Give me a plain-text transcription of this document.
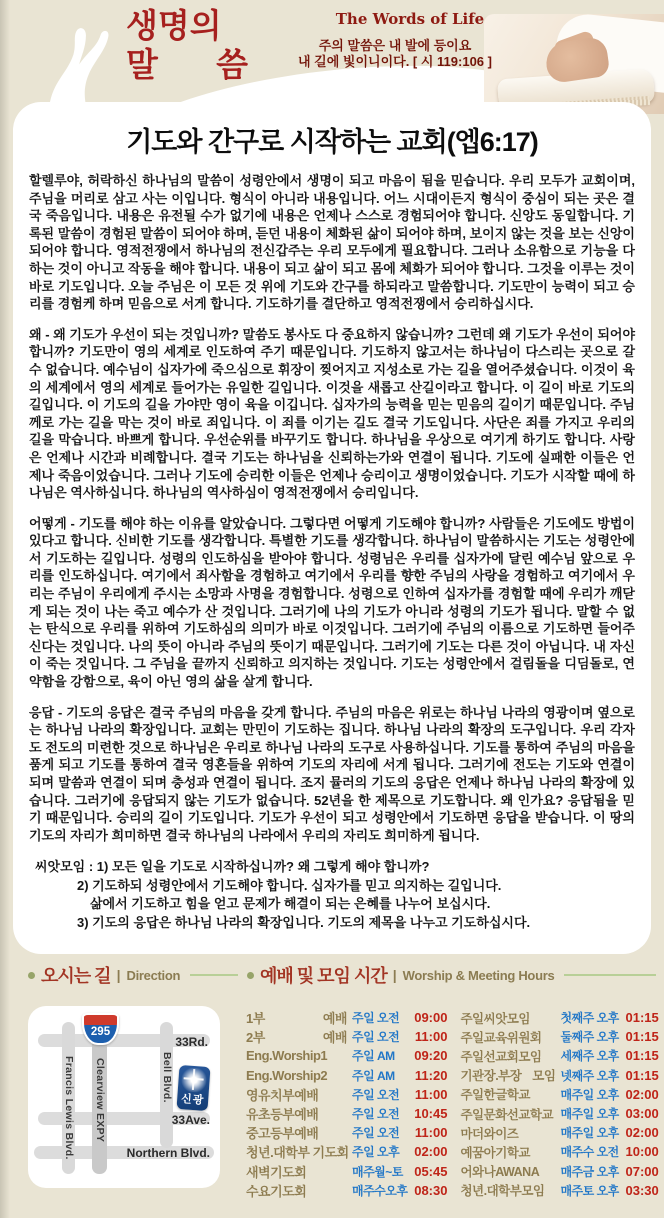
생명의
말 씀
The Words of Life
주의 말씀은 내 발에 등이요
내 길에 빛이니이다. [ 시 119:106 ]
기도와 간구로 시작하는 교회(엡6:17)

할렐루야, 허락하신 하나님의 말씀이 성령안에서 생명이 되고 마음이 됨을 믿습니다. 우리 모두가 교회이며, 주님을 머리로 삼고 사는 이입니다. 형식이 아니라 내용입니다. 어느 시대이든지 형식이 중심이 되는 곳은 결국 죽음입니다. 내용은 유전될 수가 없기에 내용은 언제나 스스로 경험되어야 합니다. 신앙도 동일합니다. 기록된 말씀이 경험된 말씀이 되어야 하며, 듣던 내용이 체화된 삶이 되어야 하며, 보이지 않는 것을 보는 신앙이 되어야 합니다. 영적전쟁에서 하나님의 전신갑주는 우리 모두에게 필요합니다. 그러나 소유함으로 기능을 다하는 것이 아니고 작동을 해야 합니다. 내용이 되고 삶이 되고 몸에 체화가 되어야 합니다. 그것을 이루는 것이 바로 기도입니다. 오늘 주님은 이 모든 것 위에 기도와 간구를 하되라고 말씀합니다. 기도만이 능력이 되고 승리를 경험케 하며 믿음으로 서게 합니다. 기도하기를 결단하고 영적전쟁에서 승리하십시다.

왜 - 왜 기도가 우선이 되는 것입니까? 말씀도 봉사도 다 중요하지 않습니까? 그런데 왜 기도가 우선이 되어야 합니까? 기도만이 영의 세계로 인도하여 주기 때문입니다. 기도하지 않고서는 하나님이 다스리는 곳으로 갈 수 없습니다. 예수님이 십자가에 죽으심으로 휘장이 찢어지고 지성소로 가는 길을 열어주셨습니다. 이것이 육의 세계에서 영의 세계로 들어가는 유일한 길입니다. 이것을 새롭고 산길이라고 합니다. 이 길이 바로 기도의 길입니다. 이 기도의 길을 가야만 영이 육을 이깁니다. 십자가의 능력을 믿는 믿음의 길이기 때문입니다. 주님께로 가는 길을 막는 것이 바로 죄입니다. 이 죄를 이기는 길도 결국 기도입니다. 사단은 죄를 가지고 우리의 길을 막습니다. 바쁘게 합니다. 우선순위를 바꾸기도 합니다. 하나님을 우상으로 여기게 하기도 합니다. 사랑은 언제나 시간과 비례합니다. 결국 기도는 하나님을 신뢰하는가와 연결이 됩니다. 기도에 실패한 이들은 언제나 죽음이었습니다. 그러나 기도에 승리한 이들은 언제나 승리이고 생명이었습니다. 기도가 시작할 때에 하나님은 역사하십니다. 하나님의 역사하심이 영적전쟁에서 승리입니다.

어떻게 - 기도를 해야 하는 이유를 알았습니다. 그렇다면 어떻게 기도해야 합니까? 사람들은 기도에도 방법이 있다고 합니다. 신비한 기도를 생각합니다. 특별한 기도를 생각합니다. 하나님이 말씀하시는 기도는 성령안에서 기도하는 길입니다. 성령의 인도하심을 받아야 합니다. 성령님은 우리를 십자가에 달린 예수님 앞으로 우리를 인도하십니다. 여기에서 죄사함을 경험하고 여기에서 우리를 향한 주님의 사랑을 경험하고 여기에서 우리는 주님이 우리에게 주시는 소망과 사명을 경험합니다. 성령으로 인하여 십자가를 경험할 때에 우리가 깨닫게 되는 것이 나는 죽고 예수가 산 것입니다. 그러기에 나의 기도가 아니라 성령의 기도가 됩니다. 말할 수 없는 탄식으로 우리를 위하여 기도하심의 의미가 바로 이것입니다. 그러기에 주님의 이름으로 기도하면 들어주신다는 것입니다. 나의 뜻이 아니라 주님의 뜻이기 때문입니다. 그러기에 기도는 다른 것이 아닙니다. 내 자신이 죽는 것입니다. 그 주님을 끝까지 신뢰하고 의지하는 것입니다. 기도는 성령안에서 걸림돌을 디딤돌로, 연약함을 강함으로, 육이 아닌 영의 삶을 살게 합니다.

응답 - 기도의 응답은 결국 주님의 마음을 갖게 합니다. 주님의 마음은 위로는 하나님 나라의 영광이며 옆으로는 하나님 나라의 확장입니다. 교회는 만민이 기도하는 집니다. 하나님 나라의 확장의 도구입니다. 우리 각자도 전도의 미련한 것으로 하나님은 우리로 하나님 나라의 도구로 사용하십니다. 기도를 통하여 주님의 마음을 품게 되고 기도를 통하여 결국 영혼들을 위하여 기도의 자리에 서게 됩니다. 그러기에 전도는 기도와 연결이 되며 말씀과 연결이 되며 충성과 연결이 됩니다. 조지 뮬러의 기도의 응답은 언제나 하나님 나라의 확장에 있습니다. 그러기에 응답되지 않는 기도가 없습니다. 52년을 한 제목으로 기도합니다. 왜 인가요? 응답됨을 믿기 때문입니다. 승리의 길이 기도입니다. 기도가 우선이 되고 성령안에서 기도하면 응답을 받습니다. 이 땅의 기도의 자리가 희미하면 결국 하나님의 나라에서 우리의 자리도 희미하게 됩니다.

씨앗모임 : 1) 모든 일을 기도로 시작하십니까? 왜 그렇게 해야 합니까?
2) 기도하되 성령안에서 기도해야 합니다. 십자가를 믿고 의지하는 길입니다.
삶에서 기도하고 힘을 얻고 문제가 해결이 되는 은혜를 나누어 보십시다.
3) 기도의 응답은 하나님 나라의 확장입니다. 기도의 제목을 나누고 기도하십시다.
오시는 길 | Direction	예배 및 모임 시간 | Worship & Meeting Hours
295
Francis Lewis Blvd. Clearview EXPY	Bell Blvd.
33Rd.
33Ave.
Northern Blvd.
신광
1부 예배 주일 오전	09:00
2부 예배 주일 오전	11:00
Eng.Worship1	주일 AM	09:20
Eng.Worship2	주일 AM	11:20
영유치부예배	주일 오전	11:00
유초등부예배	주일 오전	10:45
중고등부예배	주일 오전	11:00
청년.대학부 기도회 주일 오후	02:00
새벽기도회	매주월~토 05:45
수요기도회	매주수오후 08:30
주일씨앗모임	첫째주 오후 01:15
주일교육위원회	둘째주 오후 01:15
주일선교회모임	세째주 오후 01:15
기관장.부장 모임 넷째주 오후 01:15
주일한글학교	매주일 오후 02:00
주일문화선교학교 매주일 오후 03:00
마더와이즈	매주일 오후 02:00
예꿈아기학교	매주수 오전 10:00
어와나AWANA	매주금 오후 07:00
청년.대학부모임	매주토 오후 03:30
